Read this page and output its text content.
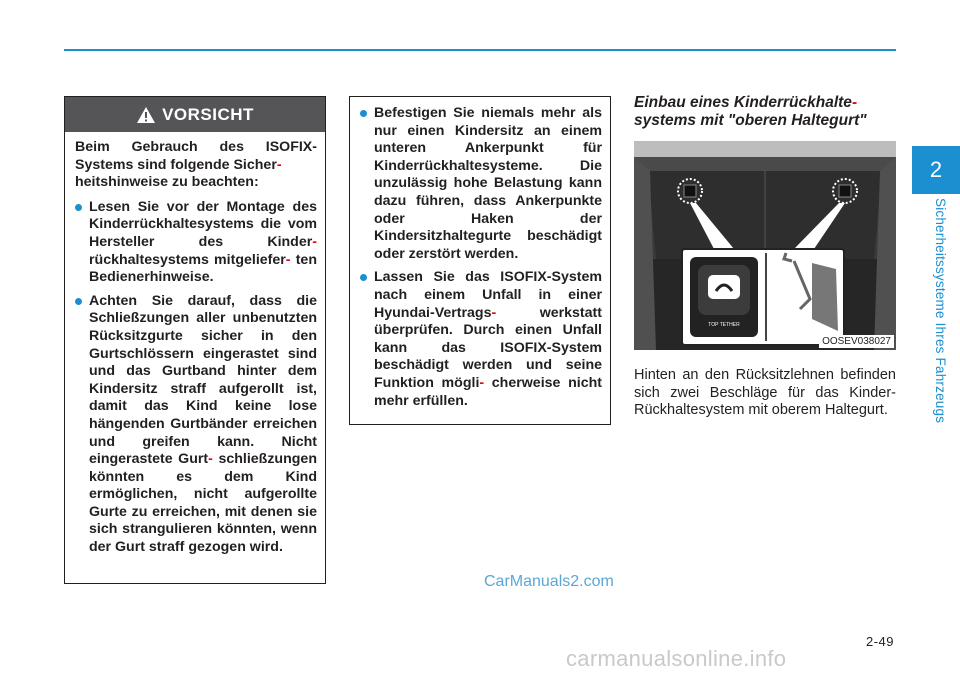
2
Sicherheitssysteme Ihres Fahrzeugs
VORSICHT

Beim Gebrauch des ISOFIX-Systems sind folgende Sicher-
heitshinweise zu beachten:

Lesen Sie vor der Montage des Kinderrückhaltesystems die vom Hersteller des Kinder- rückhaltesystems mitgeliefer- ten Bedienerhinweise.
Achten Sie darauf, dass die Schließzungen aller unbenutzten Rücksitzgurte sicher in den Gurtschlössern eingerastet sind und das Gurtband hinter dem Kindersitz straff aufgerollt ist, damit das Kind keine lose hängenden Gurtbänder erreichen und greifen kann. Nicht eingerastete Gurt- schließzungen könnten es dem Kind ermöglichen, nicht aufgerollte Gurte zu erreichen, mit denen sie sich strangulieren könnten, wenn der Gurt straff gezogen wird.
Befestigen Sie niemals mehr als nur einen Kindersitz an einem unteren Ankerpunkt für Kinderrückhaltesysteme. Die unzulässig hohe Belastung kann dazu führen, dass Ankerpunkte oder Haken der Kindersitzhaltegurte beschädigt oder zerstört werden.
Lassen Sie das ISOFIX-System nach einem Unfall in einer Hyundai-Vertrags-	werkstatt überprüfen. Durch einen Unfall kann das ISOFIX-System beschädigt werden und seine Funktion mögli- cherweise nicht mehr erfüllen.
Einbau eines Kinderrückhalte-
systems mit "oberen Haltegurt"
TOP TETHER
OOSEV038027

Hinten an den Rücksitzlehnen befinden sich zwei Beschläge für das Kinder-Rückhaltesystem mit oberem Haltegurt.

CarManuals2.com
2-49
carmanualsonline.info
